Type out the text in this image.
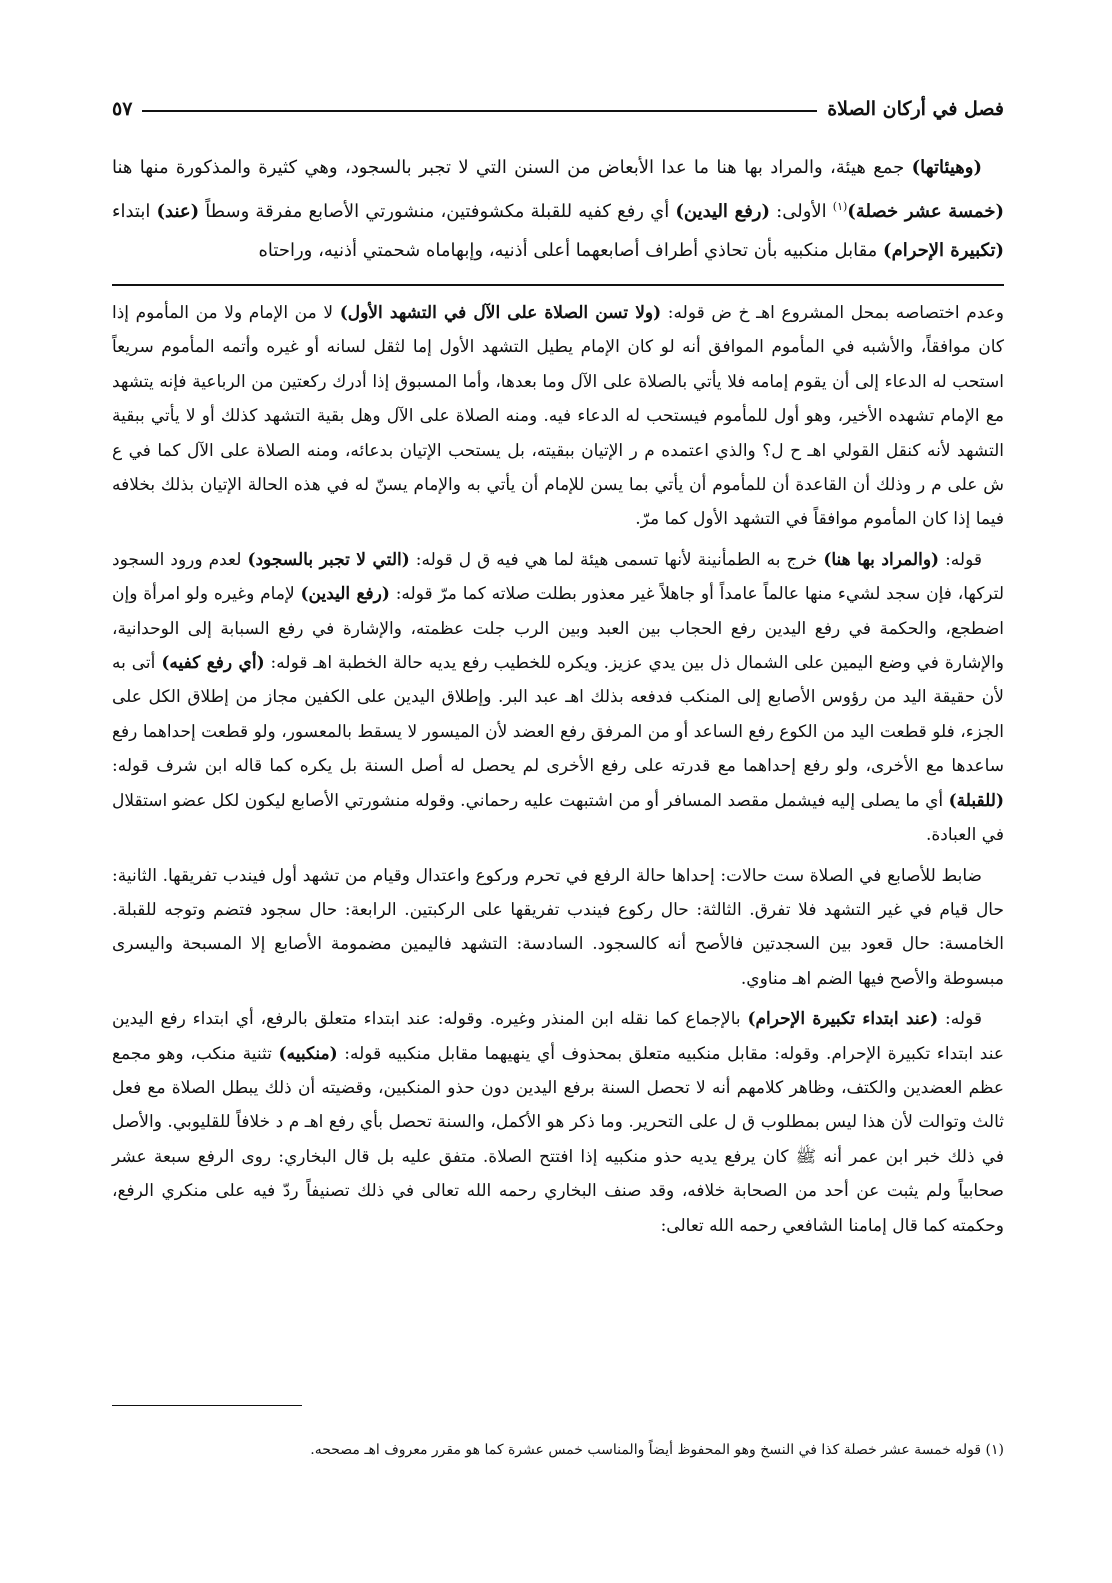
فصل في أركان الصلاة
٥٧

(وهيئاتها) جمع هيئة، والمراد بها هنا ما عدا الأبعاض من السنن التي لا تجبر بالسجود، وهي كثيرة والمذكورة منها هنا (خمسة عشر خصلة)$^{(١)}$ الأولى: (رفع اليدين) أي رفع كفيه للقبلة مكشوفتين، منشورتي الأصابع مفرقة وسطاً (عند) ابتداء (تكبيرة الإحرام) مقابل منكبيه بأن تحاذي أطراف أصابعهما أعلى أذنيه، وإبهاماه شحمتي أذنيه، وراحتاه

وعدم اختصاصه بمحل المشروع اهـ خ ض قوله: (ولا تسن الصلاة على الآل في التشهد الأول) لا من الإمام ولا من المأموم إذا كان موافقاً، والأشبه في المأموم الموافق أنه لو كان الإمام يطيل التشهد الأول إما لثقل لسانه أو غيره وأتمه المأموم سريعاً استحب له الدعاء إلى أن يقوم إمامه فلا يأتي بالصلاة على الآل وما بعدها، وأما المسبوق إذا أدرك ركعتين من الرباعية فإنه يتشهد مع الإمام تشهده الأخير، وهو أول للمأموم فيستحب له الدعاء فيه. ومنه الصلاة على الآل وهل بقية التشهد كذلك أو لا يأتي ببقية التشهد لأنه كنقل القولي اهـ ح ل؟ والذي اعتمده م ر الإتيان ببقيته، بل يستحب الإتيان بدعائه، ومنه الصلاة على الآل كما في ع ش على م ر وذلك أن القاعدة أن للمأموم أن يأتي بما يسن للإمام أن يأتي به والإمام يسنّ له في هذه الحالة الإتيان بذلك بخلافه فيما إذا كان المأموم موافقاً في التشهد الأول كما مرّ.

قوله: (والمراد بها هنا) خرج به الطمأنينة لأنها تسمى هيئة لما هي فيه ق ل قوله: (التي لا تجبر بالسجود) لعدم ورود السجود لتركها، فإن سجد لشيء منها عالماً عامداً أو جاهلاً غير معذور بطلت صلاته كما مرّ قوله: (رفع اليدين) لإمام وغيره ولو امرأة وإن اضطجع، والحكمة في رفع اليدين رفع الحجاب بين العبد وبين الرب جلت عظمته، والإشارة في رفع السبابة إلى الوحدانية، والإشارة في وضع اليمين على الشمال ذل بين يدي عزيز. ويكره للخطيب رفع يديه حالة الخطبة اهـ قوله: (أي رفع كفيه) أتى به لأن حقيقة اليد من رؤوس الأصابع إلى المنكب فدفعه بذلك اهـ عبد البر. وإطلاق اليدين على الكفين مجاز من إطلاق الكل على الجزء، فلو قطعت اليد من الكوع رفع الساعد أو من المرفق رفع العضد لأن الميسور لا يسقط بالمعسور، ولو قطعت إحداهما رفع ساعدها مع الأخرى، ولو رفع إحداهما مع قدرته على رفع الأخرى لم يحصل له أصل السنة بل يكره كما قاله ابن شرف قوله: (للقبلة) أي ما يصلى إليه فيشمل مقصد المسافر أو من اشتبهت عليه رحماني. وقوله منشورتي الأصابع ليكون لكل عضو استقلال في العبادة.

ضابط للأصابع في الصلاة ست حالات: إحداها حالة الرفع في تحرم وركوع واعتدال وقيام من تشهد أول فيندب تفريقها. الثانية: حال قيام في غير التشهد فلا تفرق. الثالثة: حال ركوع فيندب تفريقها على الركبتين. الرابعة: حال سجود فتضم وتوجه للقبلة. الخامسة: حال قعود بين السجدتين فالأصح أنه كالسجود. السادسة: التشهد فاليمين مضمومة الأصابع إلا المسبحة واليسرى مبسوطة والأصح فيها الضم اهـ مناوي.

قوله: (عند ابتداء تكبيرة الإحرام) بالإجماع كما نقله ابن المنذر وغيره. وقوله: عند ابتداء متعلق بالرفع، أي ابتداء رفع اليدين عند ابتداء تكبيرة الإحرام. وقوله: مقابل منكبيه متعلق بمحذوف أي ينهيهما مقابل منكبيه قوله: (منكبيه) تثنية منكب، وهو مجمع عظم العضدين والكتف، وظاهر كلامهم أنه لا تحصل السنة برفع اليدين دون حذو المنكبين، وقضيته أن ذلك يبطل الصلاة مع فعل ثالث وتوالت لأن هذا ليس بمطلوب ق ل على التحرير. وما ذكر هو الأكمل، والسنة تحصل بأي رفع اهـ م د خلافاً للقليوبي. والأصل في ذلك خبر ابن عمر أنه ﷺ كان يرفع يديه حذو منكبيه إذا افتتح الصلاة. متفق عليه بل قال البخاري: روى الرفع سبعة عشر صحابياً ولم يثبت عن أحد من الصحابة خلافه، وقد صنف البخاري رحمه الله تعالى في ذلك تصنيفاً ردّ فيه على منكري الرفع، وحكمته كما قال إمامنا الشافعي رحمه الله تعالى:

(١) قوله خمسة عشر خصلة كذا في النسخ وهو المحفوظ أيضاً والمناسب خمس عشرة كما هو مقرر معروف اهـ مصححه.
